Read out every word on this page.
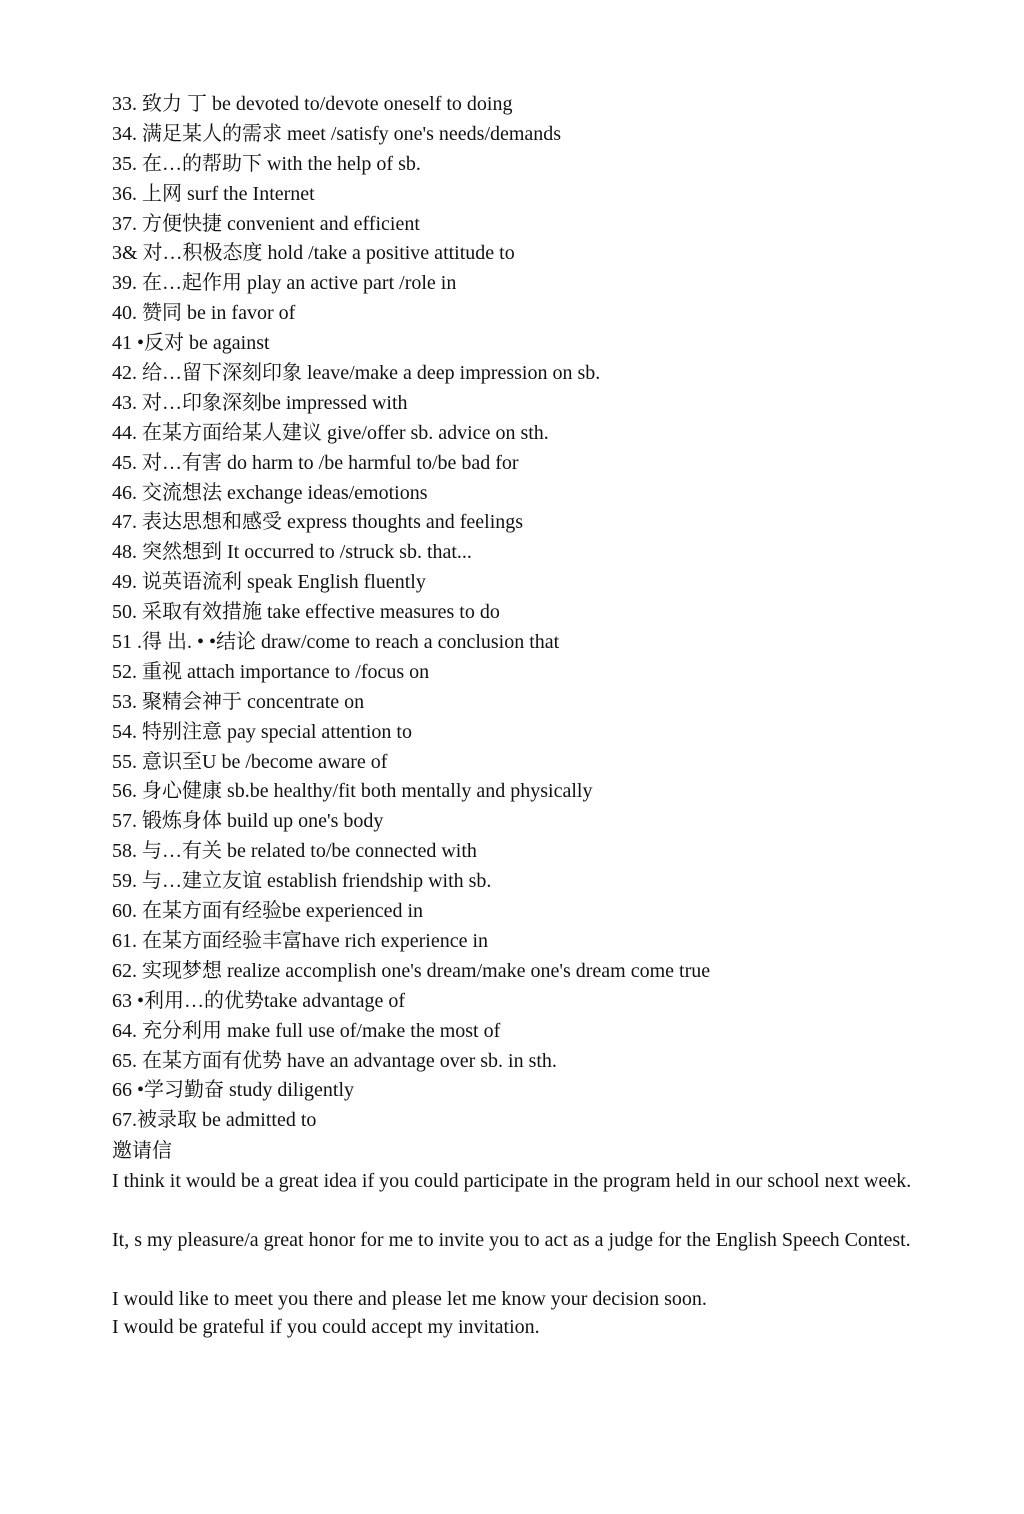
33. 致力 丁 be devoted to/devote oneself to doing
34. 满足某人的需求 meet /satisfy one's needs/demands
35. 在…的帮助下 with the help of sb.
36. 上网 surf the Internet
37. 方便快捷 convenient and efficient
3& 对…积极态度 hold /take a positive attitude to
39. 在…起作用 play an active part /role in
40. 赞同 be in favor of
41 •反对 be against
42. 给…留下深刻印象 leave/make a deep impression on sb.
43. 对…印象深刻be impressed with
44. 在某方面给某人建议 give/offer sb. advice on sth.
45. 对…有害 do harm to /be harmful to/be bad for
46. 交流想法 exchange ideas/emotions
47. 表达思想和感受 express thoughts and feelings
48. 突然想到 It occurred to /struck sb. that...
49. 说英语流利 speak English fluently
50. 采取有效措施 take effective measures to do
51 .得 出. • •结论 draw/come to reach a conclusion that
52. 重视 attach importance to /focus on
53. 聚精会神于 concentrate on
54. 特别注意 pay special attention to
55. 意识至U be /become aware of
56. 身心健康 sb.be healthy/fit both mentally and physically
57. 锻炼身体 build up one's body
58. 与…有关 be related to/be connected with
59. 与…建立友谊 establish friendship with sb.
60. 在某方面有经验be experienced in
61. 在某方面经验丰富have rich experience in
62. 实现梦想 realize accomplish one's dream/make one's dream come true
63 •利用…的优势take advantage of
64. 充分利用 make full use of/make the most of
65. 在某方面有优势 have an advantage over sb. in sth.
66 •学习勤奋 study diligently
67.被录取 be admitted to
邀请信

I think it would be a great idea if you could participate in the program held in our school next week.

It, s my pleasure/a great honor for me to invite you to act as a judge for the English Speech Contest.

I would like to meet you there and please let me know your decision soon.

I would be grateful if you could accept my invitation.
